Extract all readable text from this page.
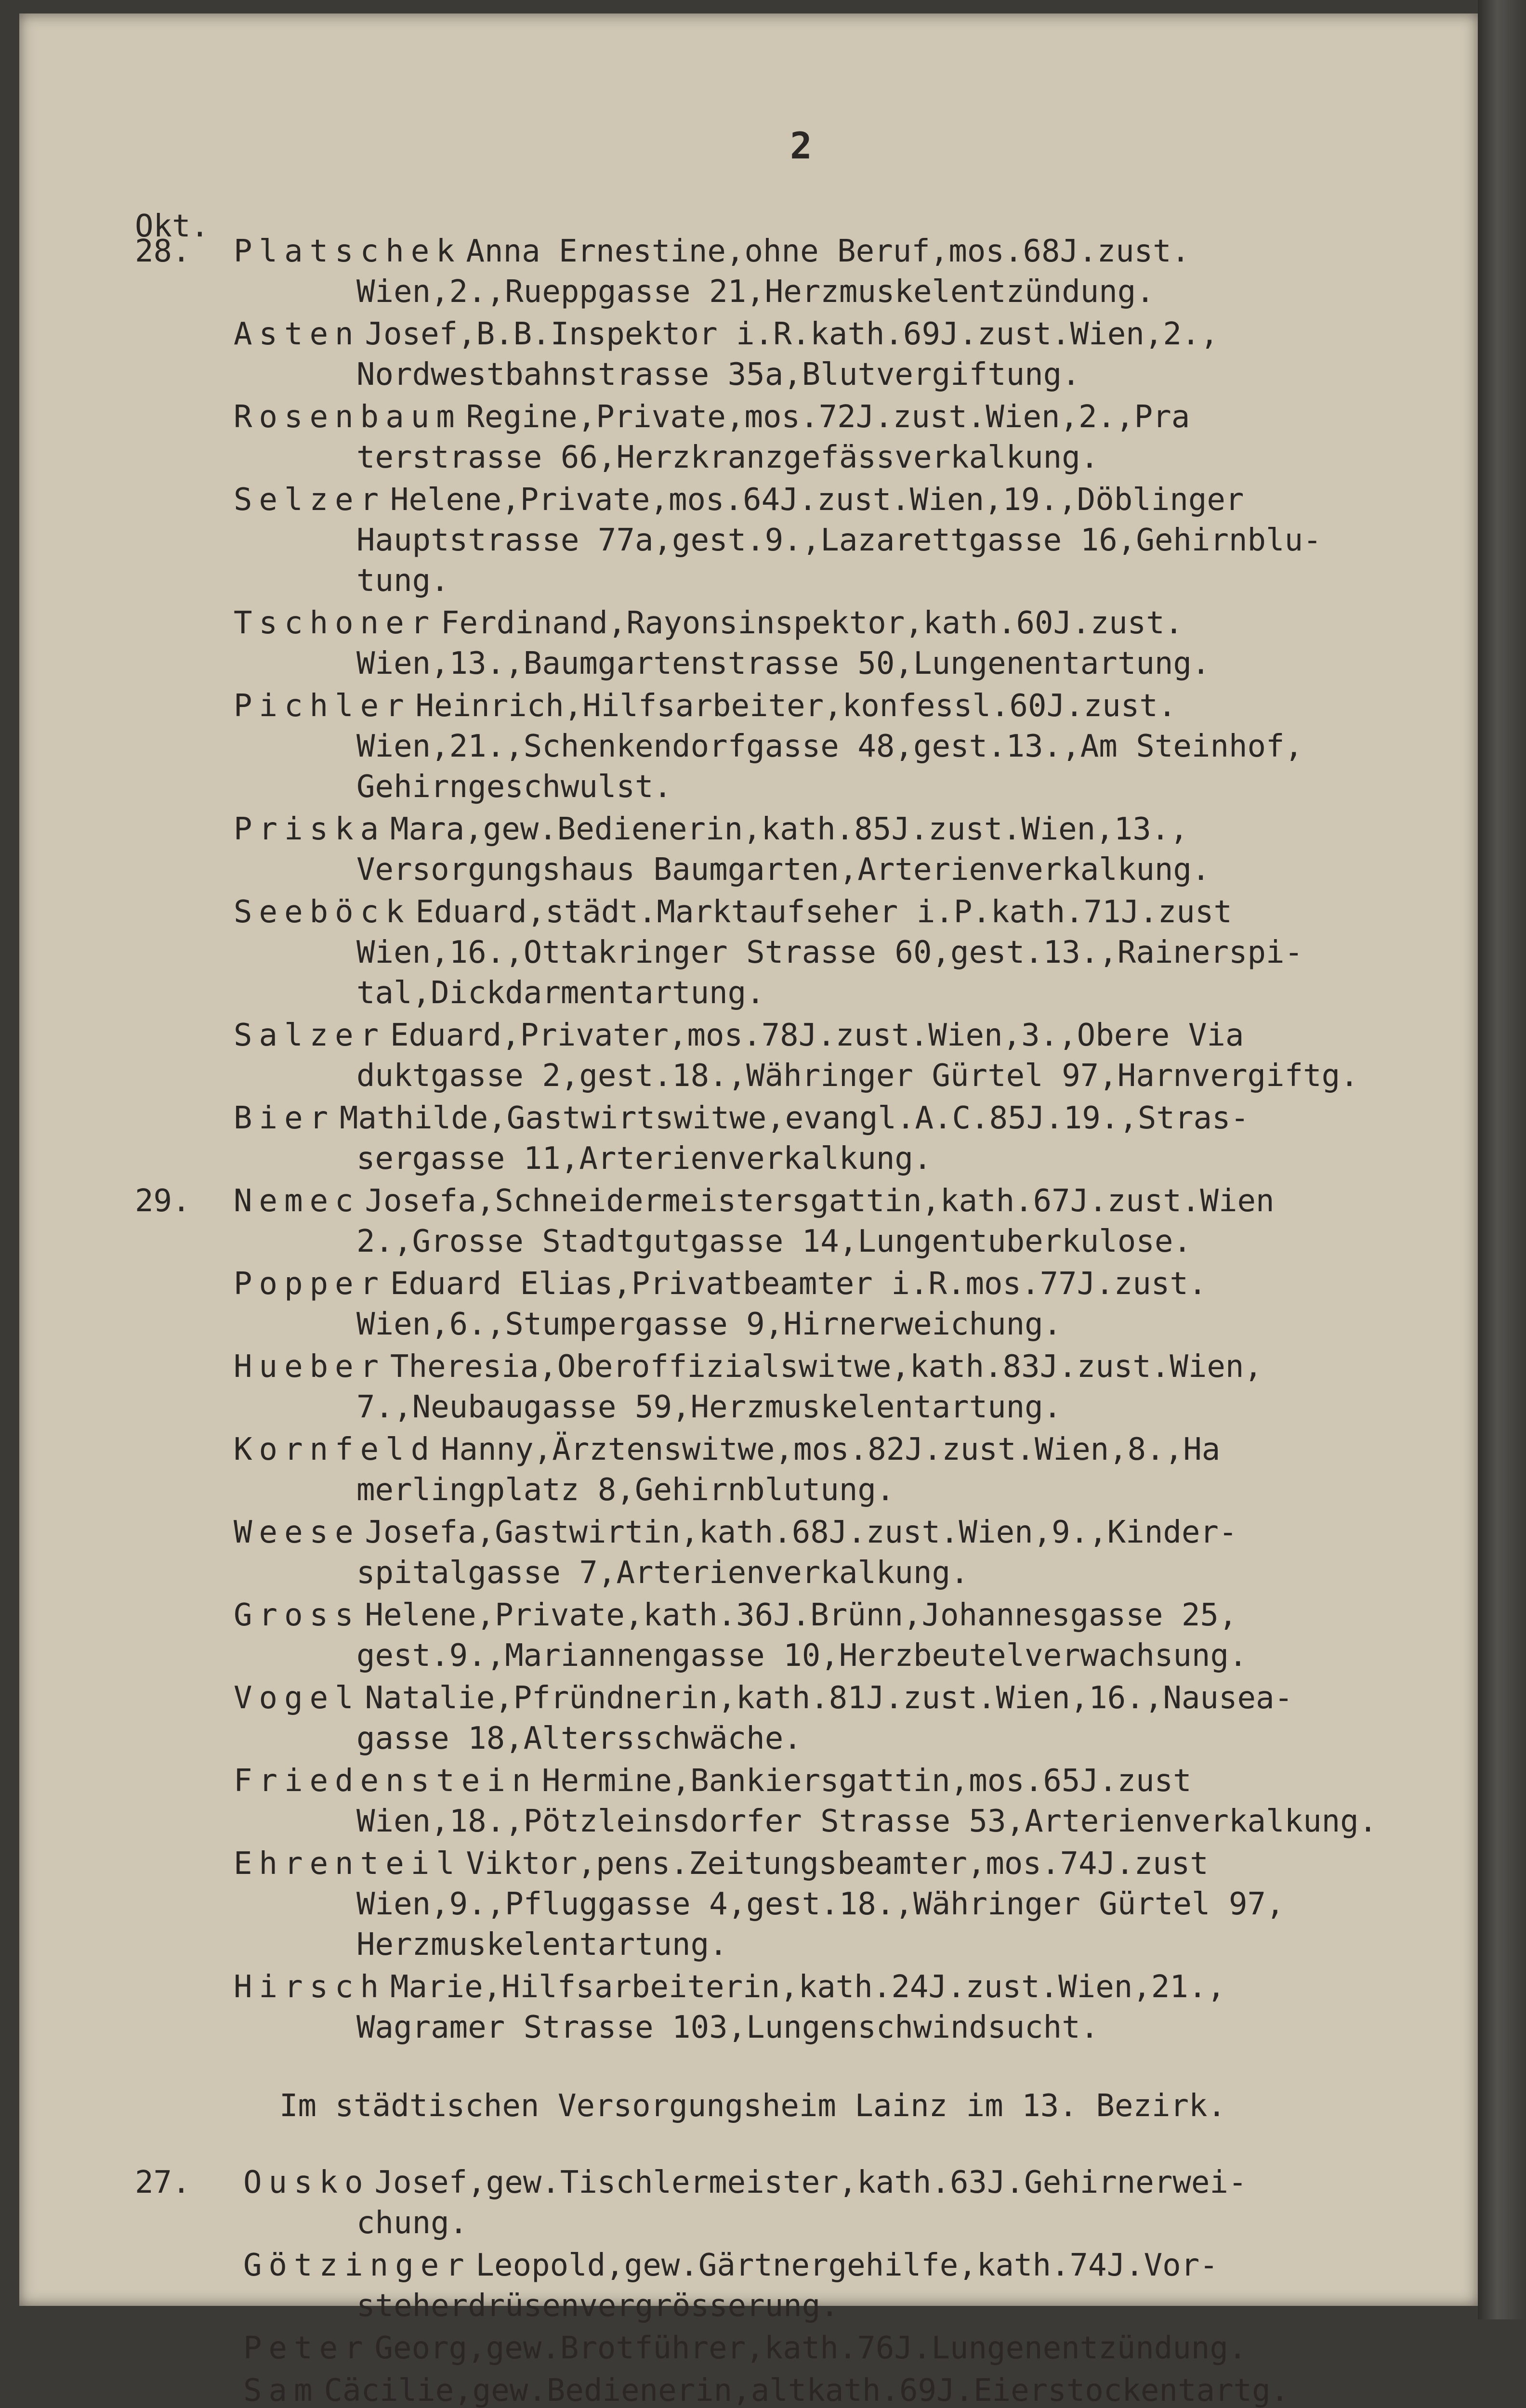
2
Okt.
28. Platschek Anna Ernestine,ohne Beruf,mos.68J.zust.
Wien,2.,Rueppgasse 21,Herzmuskelentzündung.
Asten Josef,B.B.Inspektor i.R.kath.69J.zust.Wien,2.,
Nordwestbahnstrasse 35a,Blutvergiftung.
Rosenbaum Regine,Private,mos.72J.zust.Wien,2.,Pra
terstrasse 66,Herzkranzgefässverkalkung.
Selzer Helene,Private,mos.64J.zust.Wien,19.,Döblinger
Hauptstrasse 77a,gest.9.,Lazarettgasse 16,Gehirnblu-
tung.
Tschoner Ferdinand,Rayonsinspektor,kath.60J.zust.
Wien,13.,Baumgartenstrasse 50,Lungenentartung.
Pichler Heinrich,Hilfsarbeiter,konfessl.60J.zust.
Wien,21.,Schenkendorfgasse 48,gest.13.,Am Steinhof,
Gehirngeschwulst.
Priska Mara,gew.Bedienerin,kath.85J.zust.Wien,13.,
Versorgungshaus Baumgarten,Arterienverkalkung.
Seeböck Eduard,städt.Marktaufseher i.P.kath.71J.zust
Wien,16.,Ottakringer Strasse 60,gest.13.,Rainerspi-
tal,Dickdarmentartung.
Salzer Eduard,Privater,mos.78J.zust.Wien,3.,Obere Via
duktgasse 2,gest.18.,Währinger Gürtel 97,Harnvergiftg.
Bier Mathilde,Gastwirtswitwe,evangl.A.C.85J.19.,Stras-
sergasse 11,Arterienverkalkung.
29. Nemec Josefa,Schneidermeistersgattin,kath.67J.zust.Wien
2.,Grosse Stadtgutgasse 14,Lungentuberkulose.
Popper Eduard Elias,Privatbeamter i.R.mos.77J.zust.
Wien,6.,Stumpergasse 9,Hirnerweichung.
Hueber Theresia,Oberoffizialswitwe,kath.83J.zust.Wien,
7.,Neubaugasse 59,Herzmuskelentartung.
Kornfeld Hanny,Ärztenswitwe,mos.82J.zust.Wien,8.,Ha
merlingplatz 8,Gehirnblutung.
Weese Josefa,Gastwirtin,kath.68J.zust.Wien,9.,Kinder-
spitalgasse 7,Arterienverkalkung.
Gross Helene,Private,kath.36J.Brünn,Johannesgasse 25,
gest.9.,Mariannengasse 10,Herzbeutelverwachsung.
Vogel Natalie,Pfründnerin,kath.81J.zust.Wien,16.,Nausea-
gasse 18,Altersschwäche.
Friedenstein Hermine,Bankiersgattin,mos.65J.zust
Wien,18.,Pötzleinsdorfer Strasse 53,Arterienverkalkung.
Ehrenteil Viktor,pens.Zeitungsbeamter,mos.74J.zust
Wien,9.,Pfluggasse 4,gest.18.,Währinger Gürtel 97,
Herzmuskelentartung.
Hirsch Marie,Hilfsarbeiterin,kath.24J.zust.Wien,21.,
Wagramer Strasse 103,Lungenschwindsucht.
Im städtischen Versorgungsheim Lainz im 13. Bezirk.
27. Ousko Josef,gew.Tischlermeister,kath.63J.Gehirnerwei-
chung.
Götzinger Leopold,gew.Gärtnergehilfe,kath.74J.Vor-
steherdrüsenvergrösserung.
Peter Georg,gew.Brotführer,kath.76J.Lungenentzündung.
Sam Cäcilie,gew.Bedienerin,altkath.69J.Eierstockentartg.
